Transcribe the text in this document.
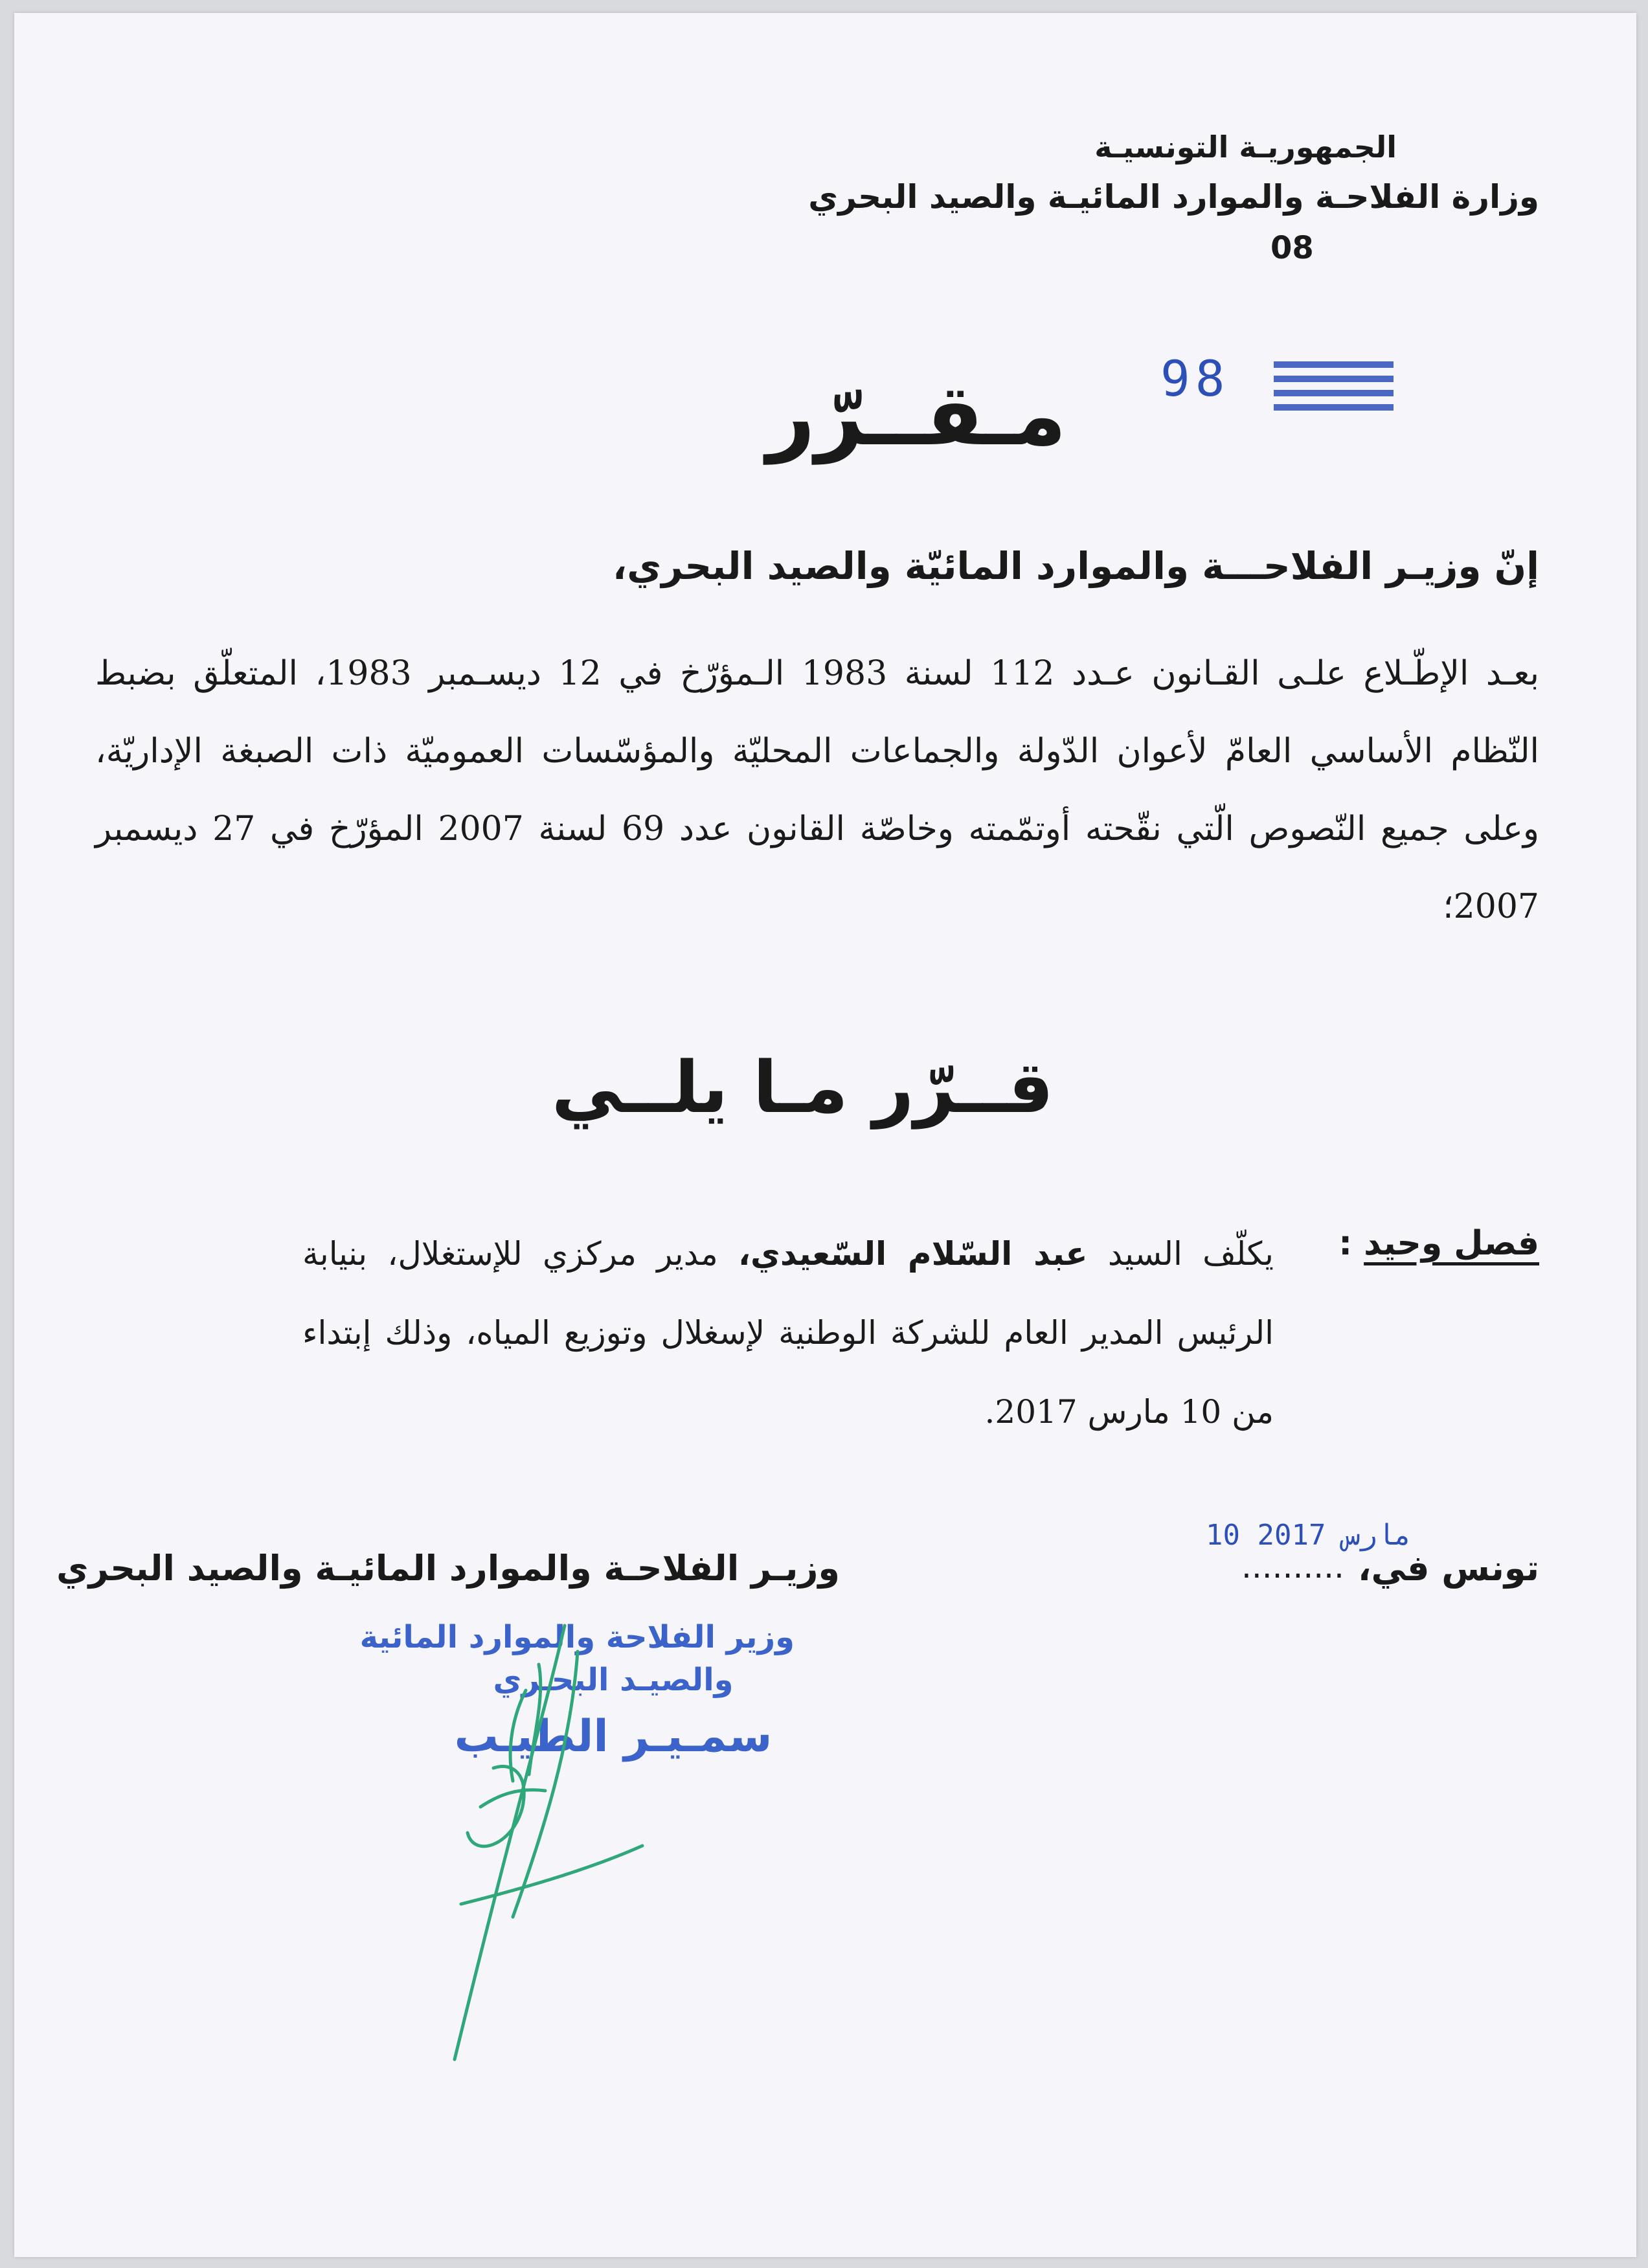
الجمهوريـة التونسيـة
وزارة الفلاحـة والموارد المائيـة والصيد البحري
08
98
مـقــرّر
إنّ وزيـر الفلاحـــة والموارد المائيّة والصيد البحري،
بعـد الإطّـلاع علـى القـانون عـدد 112 لسنة 1983 الـمؤرّخ في 12 ديسـمبر 1983، المتعلّق بضبط النّظام الأساسي العامّ لأعوان الدّولة والجماعات المحليّة والمؤسّسات العموميّة ذات الصبغة الإداريّة، وعلى جميع النّصوص الّتي نقّحته أوتمّمته وخاصّة القانون عدد 69 لسنة 2007 المؤرّخ في 27 ديسمبر 2007؛
قــرّر مـا يلــي
فصل وحيد :
يكلّف السيد عبد السّلام السّعيدي، مدير مركزي للإستغلال، بنيابة الرئيس المدير العام للشركة الوطنية لإسغلال وتوزيع المياه، وذلك إبتداء من 10 مارس 2017.
تونس في،
..........
10 مارس 2017
وزيـر الفلاحـة والموارد المائيـة والصيد البحري
وزير الفلاحة والموارد المائية
والصيـد البحـري
سمـيـر الطيـب
